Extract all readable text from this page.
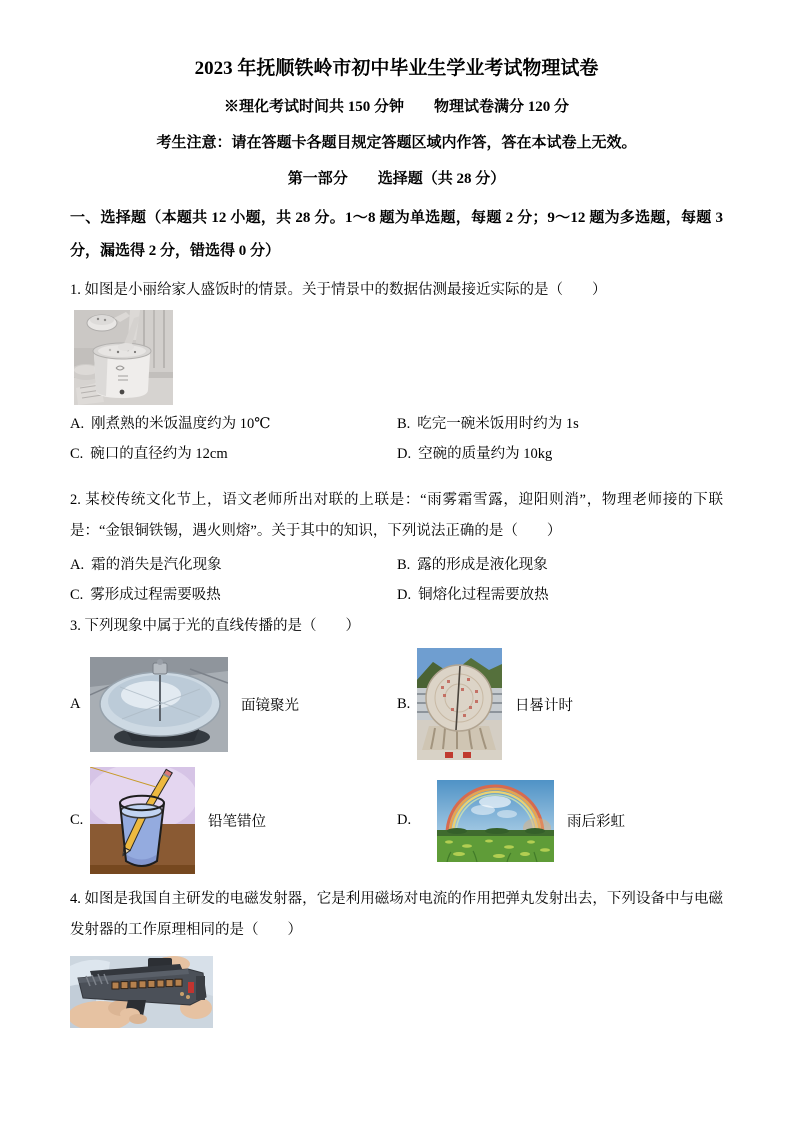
2023 年抚顺铁岭市初中毕业生学业考试物理试卷
※理化考试时间共 150 分钟　　物理试卷满分 120 分
考生注意：请在答题卡各题目规定答题区域内作答，答在本试卷上无效。
第一部分　　选择题（共 28 分）
一、选择题（本题共 12 小题，共 28 分。1～8 题为单选题，每题 2 分；9～12 题为多选题，每题 3 分，漏选得 2 分，错选得 0 分）
1. 如图是小丽给家人盛饭时的情景。关于情景中的数据估测最接近实际的是（　　）
A. 刚煮熟的米饭温度约为 10℃	B. 吃完一碗米饭用时约为 1s
C. 碗口的直径约为 12cm	D. 空碗的质量约为 10kg
2. 某校传统文化节上，语文老师所出对联的上联是：“雨雾霜雪露，迎阳则消”，物理老师接的下联是：“金银铜铁锡，遇火则熔”。关于其中的知识，下列说法正确的是（　　）
A. 霜的消失是汽化现象	B. 露的形成是液化现象
C. 雾形成过程需要吸热	D. 铜熔化过程需要放热
3. 下列现象中属于光的直线传播的是（　　）
A	面镜聚光	B.	日晷计时
C.	铅笔错位	D.	雨后彩虹
4. 如图是我国自主研发的电磁发射器，它是利用磁场对电流的作用把弹丸发射出去，下列设备中与电磁发射器的工作原理相同的是（　　）
